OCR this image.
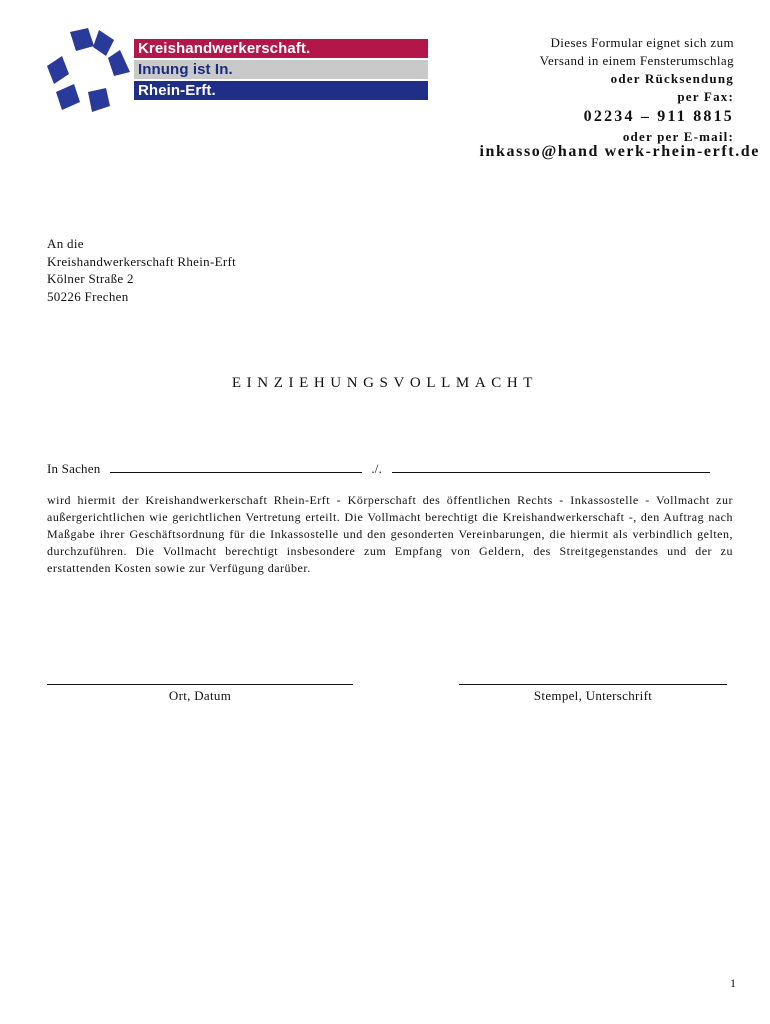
Kreishandwerkerschaft.
Innung ist In.
Rhein-Erft.
Dieses Formular eignet sich zum
Versand in einem Fensterumschlag
oder Rücksendung
per Fax:
02234 – 911 8815
oder per E-mail:
inkasso@hand werk-rhein-erft.de
An die
Kreishandwerkerschaft Rhein-Erft
Kölner Straße 2
50226 Frechen
EINZIEHUNGSVOLLMACHT
In Sachen	./.
wird hiermit der Kreishandwerkerschaft Rhein-Erft - Körperschaft des öffentlichen Rechts - Inkassostelle - Vollmacht zur außergerichtlichen wie gerichtlichen Vertretung erteilt. Die Vollmacht berechtigt die Kreishandwerkerschaft -, den Auftrag nach Maßgabe ihrer Geschäftsordnung für die Inkassostelle und den gesonderten Vereinbarungen, die hiermit als verbindlich gelten, durchzuführen. Die Vollmacht berechtigt insbesondere zum Empfang von Geldern, des Streitgegenstandes und der zu erstattenden Kosten sowie zur Verfügung darüber.
Ort, Datum	Stempel, Unterschrift
1
